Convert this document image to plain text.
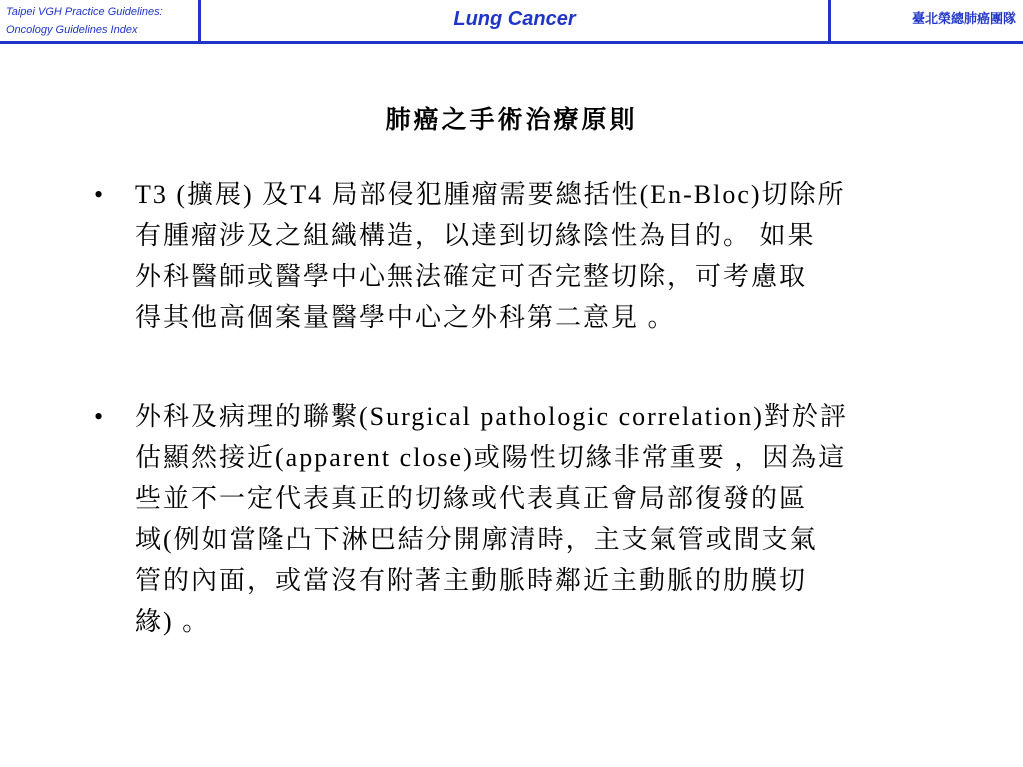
Taipei VGH Practice Guidelines:
Oncology Guidelines Index	Lung Cancer	臺北榮總肺癌團隊
肺癌之手術治療原則
• T3 (擴展) 及T4 局部侵犯腫瘤需要總括性(En-Bloc)切除所
有腫瘤涉及之組織構造，以達到切緣陰性為目的。 如果
外科醫師或醫學中心無法確定可否完整切除，可考慮取
得其他高個案量醫學中心之外科第二意見 。
• 外科及病理的聯繫(Surgical pathologic correlation)對於評
估顯然接近(apparent close)或陽性切緣非常重要 ，因為這
些並不一定代表真正的切緣或代表真正會局部復發的區
域(例如當隆凸下淋巴結分開廓清時，主支氣管或間支氣
管的內面，或當沒有附著主動脈時鄰近主動脈的肋膜切
緣) 。
